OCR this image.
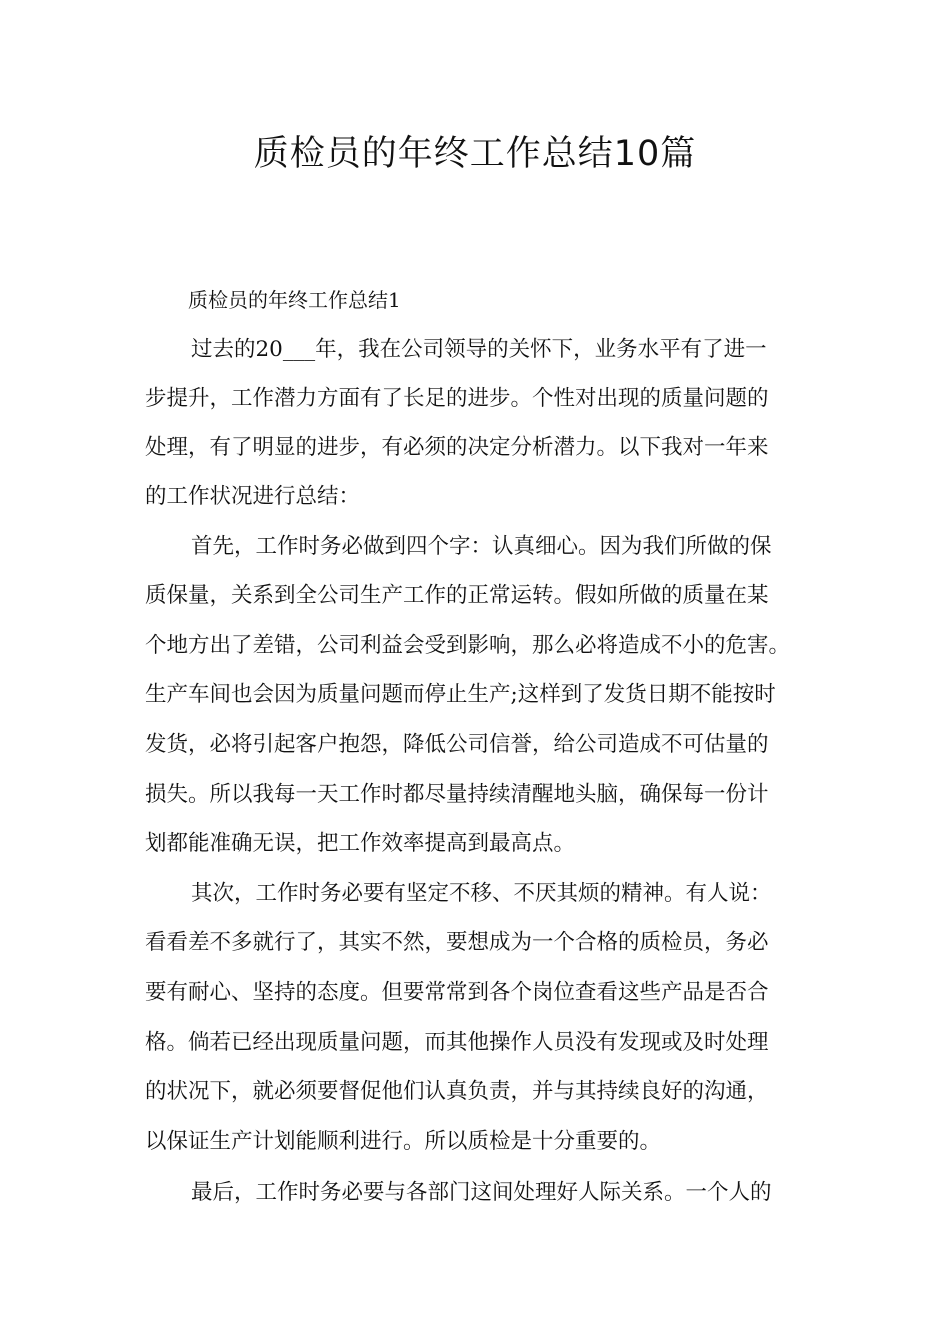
质检员的年终工作总结10篇

质检员的年终工作总结1

过去的20___年，我在公司领导的关怀下，业务水平有了进一

步提升，工作潜力方面有了长足的进步。个性对出现的质量问题的

处理，有了明显的进步，有必须的决定分析潜力。以下我对一年来

的工作状况进行总结：

首先，工作时务必做到四个字：认真细心。因为我们所做的保

质保量，关系到全公司生产工作的正常运转。假如所做的质量在某

个地方出了差错，公司利益会受到影响，那么必将造成不小的危害。

生产车间也会因为质量问题而停止生产;这样到了发货日期不能按时

发货，必将引起客户抱怨，降低公司信誉，给公司造成不可估量的

损失。所以我每一天工作时都尽量持续清醒地头脑，确保每一份计

划都能准确无误，把工作效率提高到最高点。

其次，工作时务必要有坚定不移、不厌其烦的精神。有人说：

看看差不多就行了，其实不然，要想成为一个合格的质检员，务必

要有耐心、坚持的态度。但要常常到各个岗位查看这些产品是否合

格。倘若已经出现质量问题，而其他操作人员没有发现或及时处理

的状况下，就必须要督促他们认真负责，并与其持续良好的沟通，

以保证生产计划能顺利进行。所以质检是十分重要的。

最后，工作时务必要与各部门这间处理好人际关系。一个人的
